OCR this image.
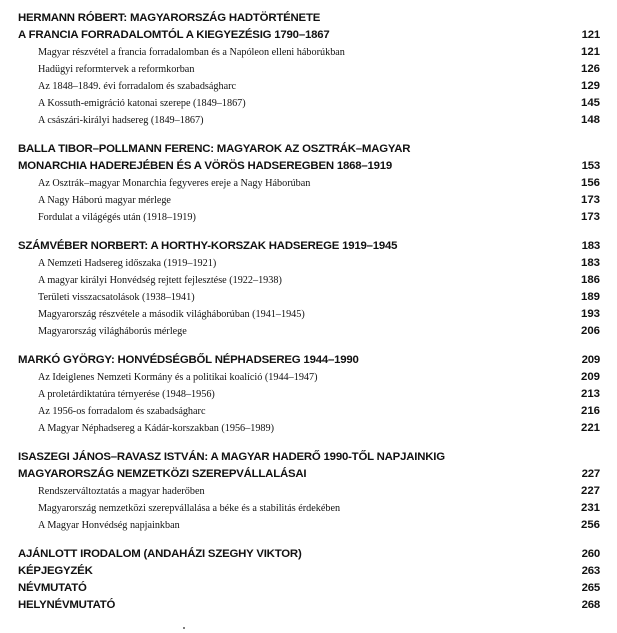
HERMANN RÓBERT: MAGYARORSZÁG HADTÖRTÉNETE
A FRANCIA FORRADALOMTÓL A KIEGYEZÉSIG 1790–1867	121
Magyar részvétel a francia forradalomban és a Napóleon elleni háborúkban	121
Hadügyi reformtervek a reformkorban	126
Az 1848–1849. évi forradalom és szabadságharc	129
A Kossuth-emigráció katonai szerepe (1849–1867)	145
A császári-királyi hadsereg (1849–1867)	148
BALLA TIBOR–POLLMANN FERENC: MAGYAROK AZ OSZTRÁK–MAGYAR
MONARCHIA HADEREJÉBEN ÉS A VÖRÖS HADSEREGBEN 1868–1919	153
Az Osztrák–magyar Monarchia fegyveres ereje a Nagy Háborúban	156
A Nagy Háború magyar mérlege	173
Fordulat a világégés után (1918–1919)	173
SZÁMVÉBER NORBERT: A HORTHY-KORSZAK HADSEREGE 1919–1945	183
A Nemzeti Hadsereg időszaka (1919–1921)	183
A magyar királyi Honvédség rejtett fejlesztése (1922–1938)	186
Területi visszacsatolások (1938–1941)	189
Magyarország részvétele a második világháborúban (1941–1945)	193
Magyarország világháborús mérlege	206
MARKÓ GYÖRGY: HONVÉDSÉGBŐL NÉPHADSEREG 1944–1990	209
Az Ideiglenes Nemzeti Kormány és a politikai koalíció (1944–1947)	209
A proletárdiktatúra térnyerése (1948–1956)	213
Az 1956-os forradalom és szabadságharc	216
A Magyar Néphadsereg a Kádár-korszakban (1956–1989)	221
ISASZEGI JÁNOS–RAVASZ ISTVÁN: A MAGYAR HADERŐ 1990-TŐL NAPJAINKIG
MAGYARORSZÁG NEMZETKÖZI SZEREPVÁLLALÁSAI	227
Rendszerváltoztatás a magyar haderőben	227
Magyarország nemzetközi szerepvállalása a béke és a stabilitás érdekében	231
A Magyar Honvédség napjainkban	256
AJÁNLOTT IRODALOM (ANDAHÁZI SZEGHY VIKTOR)	260
KÉPJEGYZÉK	263
NÉVMUTATÓ	265
HELYNÉVMUTATÓ	268
